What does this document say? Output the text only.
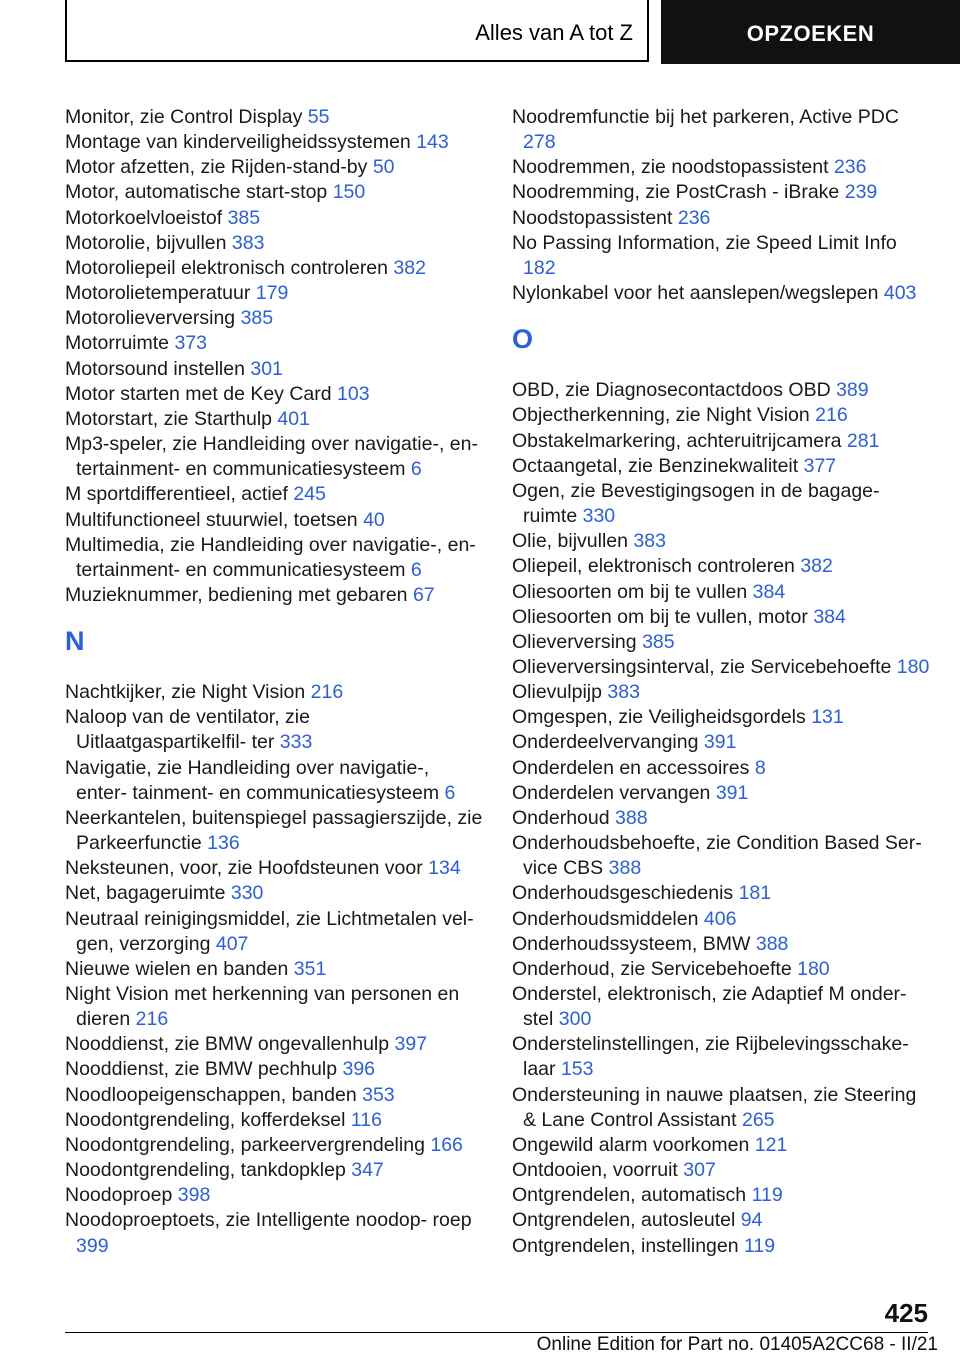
Alles van A tot Z	OPZOEKEN
Monitor, zie Control Display 55
Montage van kinderveiligheidssystemen 143
Motor afzetten, zie Rijden-stand-by 50
Motor, automatische start-stop 150
Motorkoelvloeistof 385
Motorolie, bijvullen 383
Motoroliepeil elektronisch controleren 382
Motorolietemperatuur 179
Motorolieverversing 385
Motorruimte 373
Motorsound instellen 301
Motor starten met de Key Card 103
Motorstart, zie Starthulp 401
Mp3-speler, zie Handleiding over navigatie-, en- tertainment- en communicatiesysteem 6
M sportdifferentieel, actief 245
Multifunctioneel stuurwiel, toetsen 40
Multimedia, zie Handleiding over navigatie-, en- tertainment- en communicatiesysteem 6
Muzieknummer, bediening met gebaren 67
N
Nachtkijker, zie Night Vision 216
Naloop van de ventilator, zie Uitlaatgaspartikelfil- ter 333
Navigatie, zie Handleiding over navigatie-, enter- tainment- en communicatiesysteem 6
Neerkantelen, buitenspiegel passagierszijde, zie Parkeerfunctie 136
Neksteunen, voor, zie Hoofdsteunen voor 134
Net, bagageruimte 330
Neutraal reinigingsmiddel, zie Lichtmetalen vel- gen, verzorging 407
Nieuwe wielen en banden 351
Night Vision met herkenning van personen en dieren 216
Nooddienst, zie BMW ongevallenhulp 397
Nooddienst, zie BMW pechhulp 396
Noodloopeigenschappen, banden 353
Noodontgrendeling, kofferdeksel 116
Noodontgrendeling, parkeervergrendeling 166
Noodontgrendeling, tankdopklep 347
Noodoproep 398
Noodoproeptoets, zie Intelligente noodop- roep 399
Noodremfunctie bij het parkeren, Active PDC 278
Noodremmen, zie noodstopassistent 236
Noodremming, zie PostCrash - iBrake 239
Noodstopassistent 236
No Passing Information, zie Speed Limit Info 182
Nylonkabel voor het aanslepen/wegslepen 403
O
OBD, zie Diagnosecontactdoos OBD 389
Objectherkenning, zie Night Vision 216
Obstakelmarkering, achteruitrijcamera 281
Octaangetal, zie Benzinekwaliteit 377
Ogen, zie Bevestigingsogen in de bagage- ruimte 330
Olie, bijvullen 383
Oliepeil, elektronisch controleren 382
Oliesoorten om bij te vullen 384
Oliesoorten om bij te vullen, motor 384
Olieverversing 385
Olieverversingsinterval, zie Servicebehoefte 180
Olievulpijp 383
Omgespen, zie Veiligheidsgordels 131
Onderdeelvervanging 391
Onderdelen en accessoires 8
Onderdelen vervangen 391
Onderhoud 388
Onderhoudsbehoefte, zie Condition Based Ser- vice CBS 388
Onderhoudsgeschiedenis 181
Onderhoudsmiddelen 406
Onderhoudssysteem, BMW 388
Onderhoud, zie Servicebehoefte 180
Onderstel, elektronisch, zie Adaptief M onder- stel 300
Onderstelinstellingen, zie Rijbelevingsschake- laar 153
Ondersteuning in nauwe plaatsen, zie Steering & Lane Control Assistant 265
Ongewild alarm voorkomen 121
Ontdooien, voorruit 307
Ontgrendelen, automatisch 119
Ontgrendelen, autosleutel 94
Ontgrendelen, instellingen 119
425
Online Edition for Part no. 01405A2CC68 - II/21
